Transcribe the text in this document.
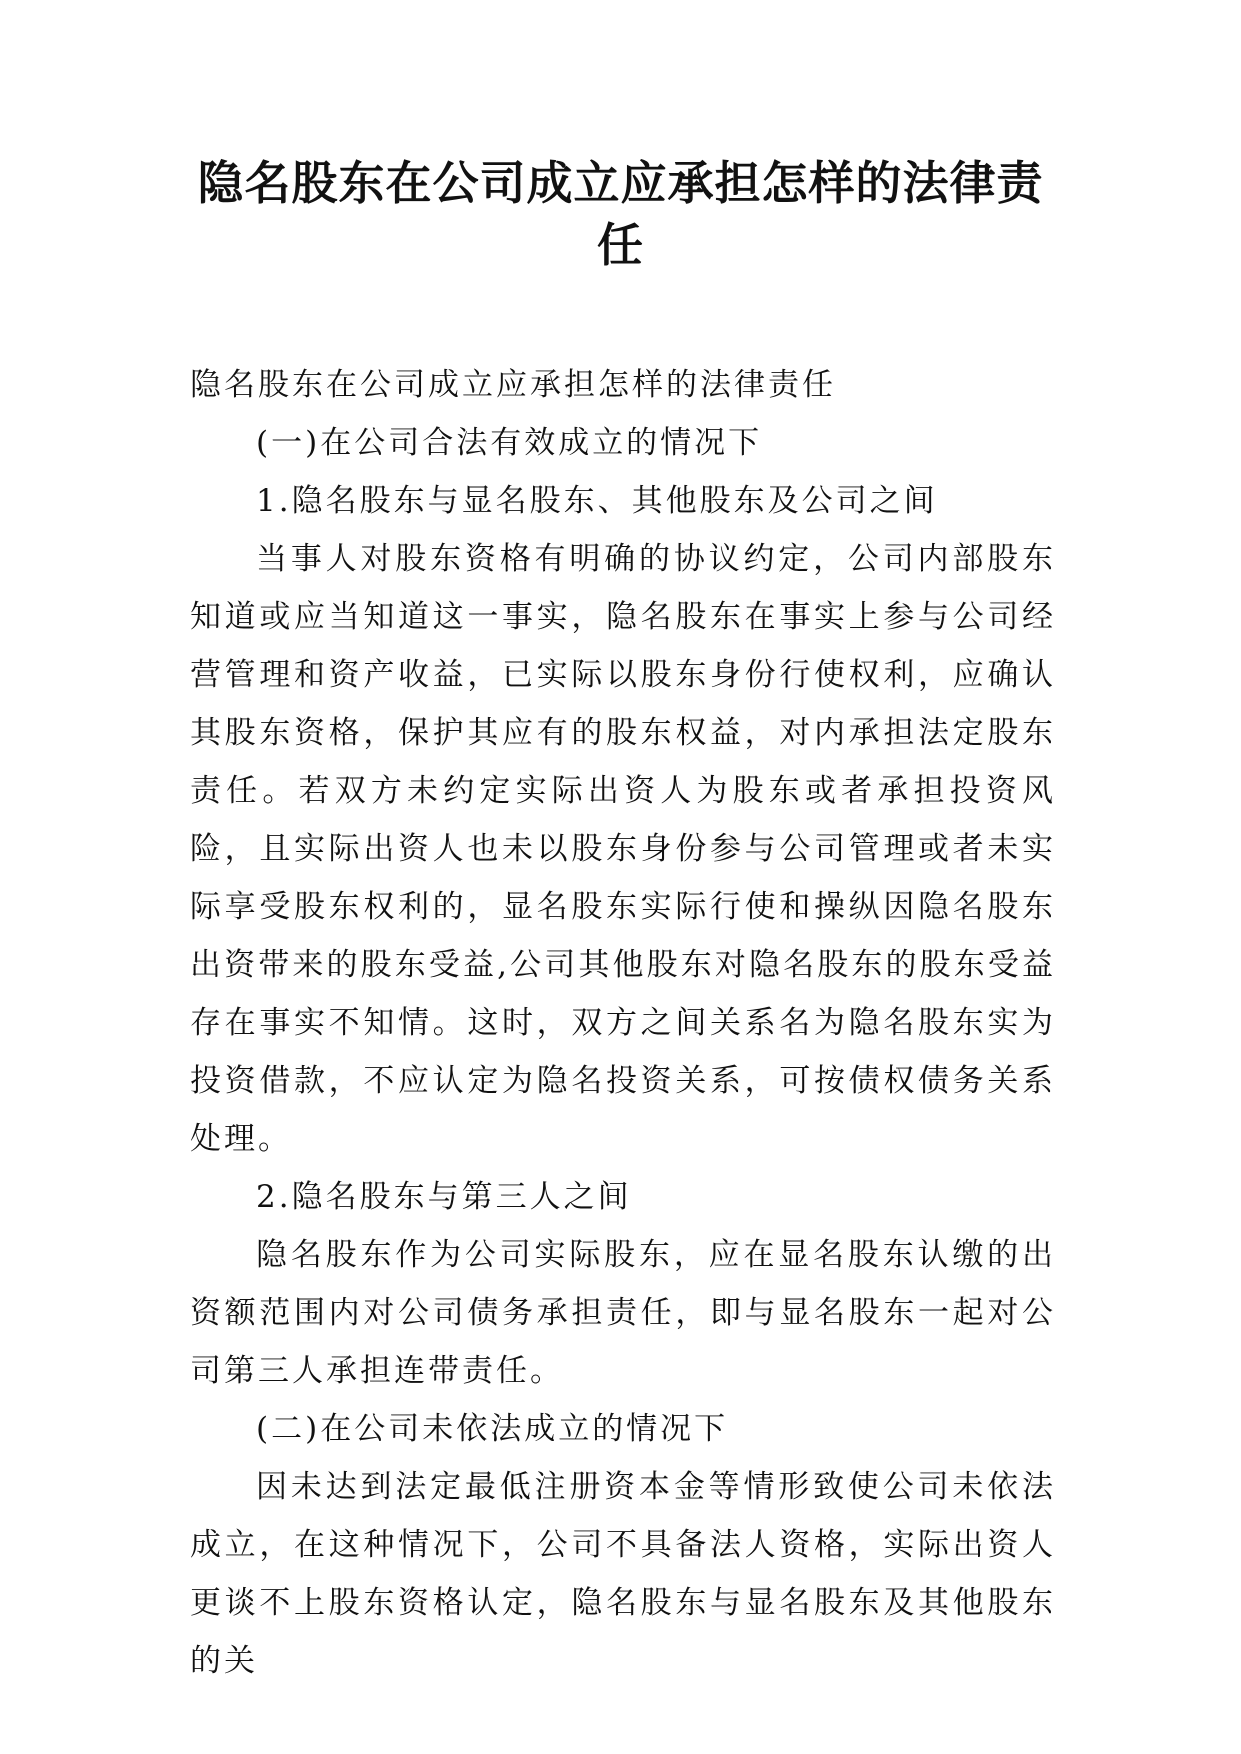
隐名股东在公司成立应承担怎样的法律责任

隐名股东在公司成立应承担怎样的法律责任

(一)在公司合法有效成立的情况下

1.隐名股东与显名股东、其他股东及公司之间

当事人对股东资格有明确的协议约定，公司内部股东知道或应当知道这一事实，隐名股东在事实上参与公司经营管理和资产收益，已实际以股东身份行使权利，应确认其股东资格，保护其应有的股东权益，对内承担法定股东责任。若双方未约定实际出资人为股东或者承担投资风险，且实际出资人也未以股东身份参与公司管理或者未实际享受股东权利的，显名股东实际行使和操纵因隐名股东出资带来的股东受益,公司其他股东对隐名股东的股东受益存在事实不知情。这时，双方之间关系名为隐名股东实为投资借款，不应认定为隐名投资关系，可按债权债务关系处理。

2.隐名股东与第三人之间

隐名股东作为公司实际股东，应在显名股东认缴的出资额范围内对公司债务承担责任，即与显名股东一起对公司第三人承担连带责任。

(二)在公司未依法成立的情况下

因未达到法定最低注册资本金等情形致使公司未依法成立，在这种情况下，公司不具备法人资格，实际出资人更谈不上股东资格认定，隐名股东与显名股东及其他股东的关
